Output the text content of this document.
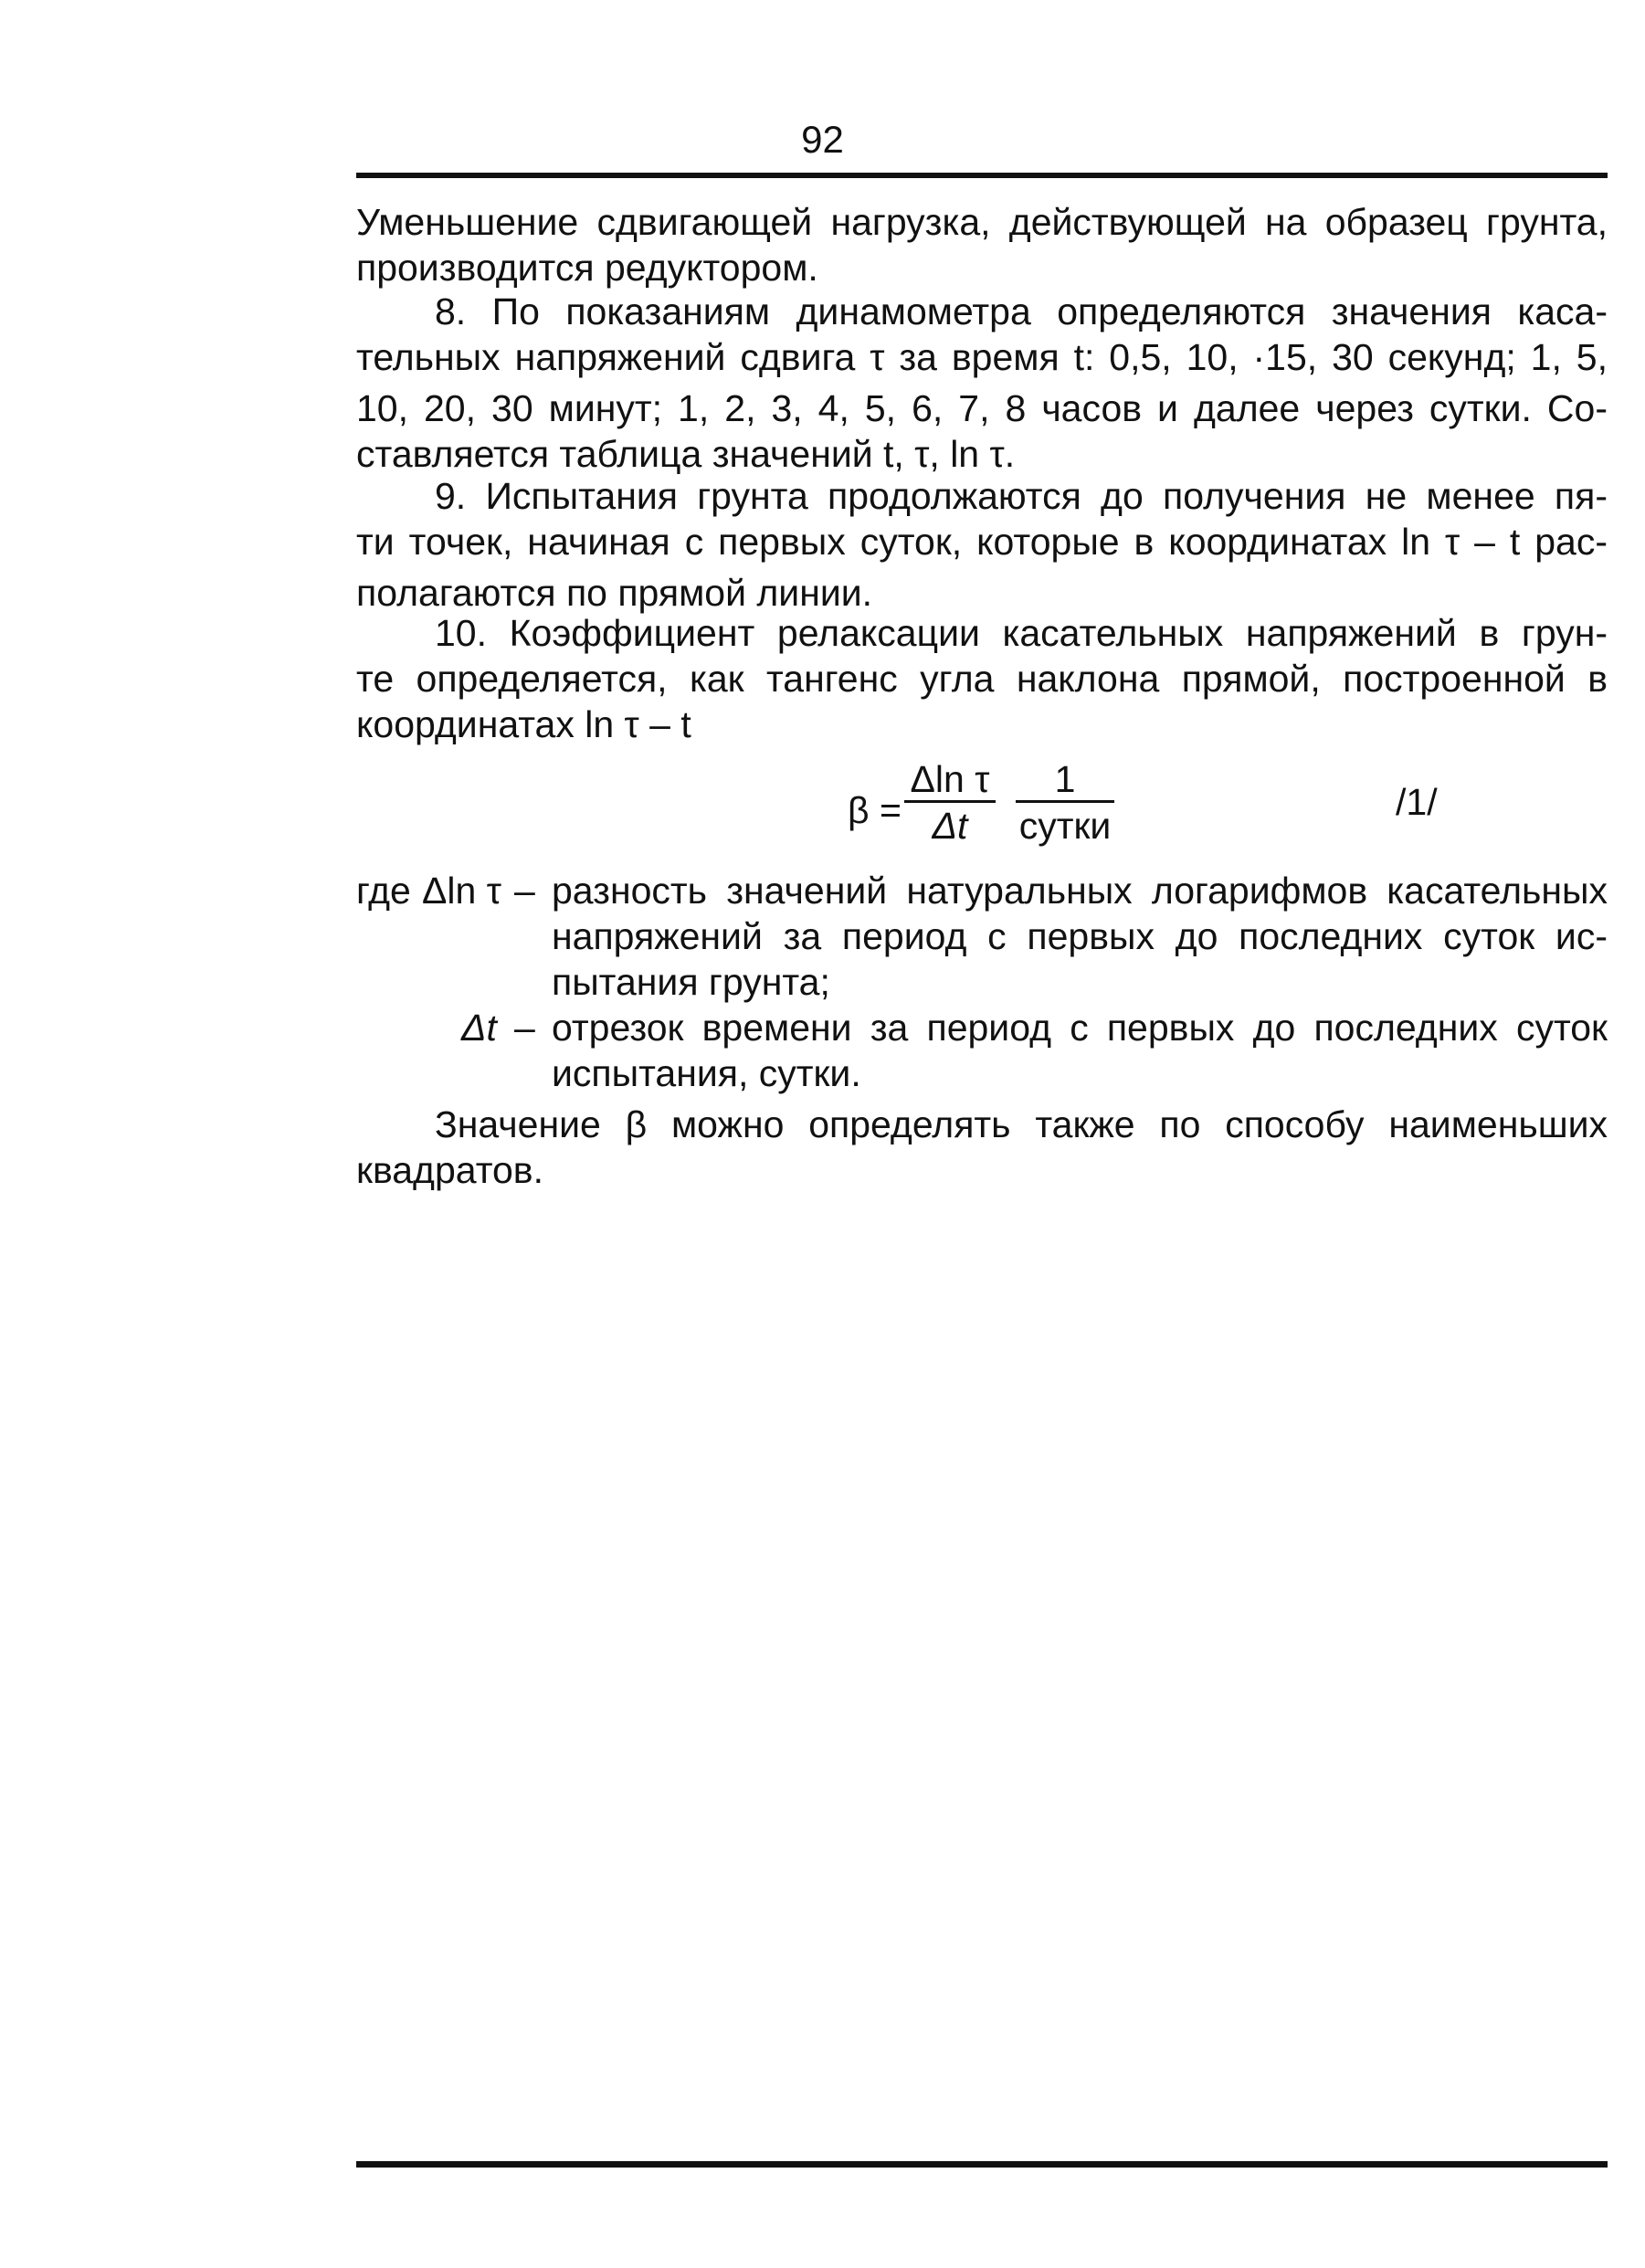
92
Уменьшение сдвигающей нагрузка, действующей на образец грунта,
производится редуктором.
8. По показаниям динамометра определяются значения каса-
тельных напряжений сдвига τ за время t: 0,5, 10, ·15, 30 секунд; 1, 5,
10, 20, 30 минут; 1, 2, 3, 4, 5, 6, 7, 8 часов и далее через сутки. Со-
ставляется таблица значений t, τ, ln τ.
9. Испытания грунта продолжаются до получения не менее пя-
ти точек, начиная с первых суток, которые в координатах ln τ – t рас-
полагаются по прямой линии.
10. Коэффициент релаксации касательных напряжений в грун-
те определяется, как тангенс угла наклона прямой, построенной в
координатах ln τ – t
β =
Δln τ
Δt
1
сутки
/1/
где Δln τ – разность значений натуральных логарифмов касательных
напряжений за период с первых до последних суток ис-
пытания грунта;
Δt – отрезок времени за период с первых до последних суток
испытания, сутки.
Значение β можно определять также по способу наименьших
квадратов.
